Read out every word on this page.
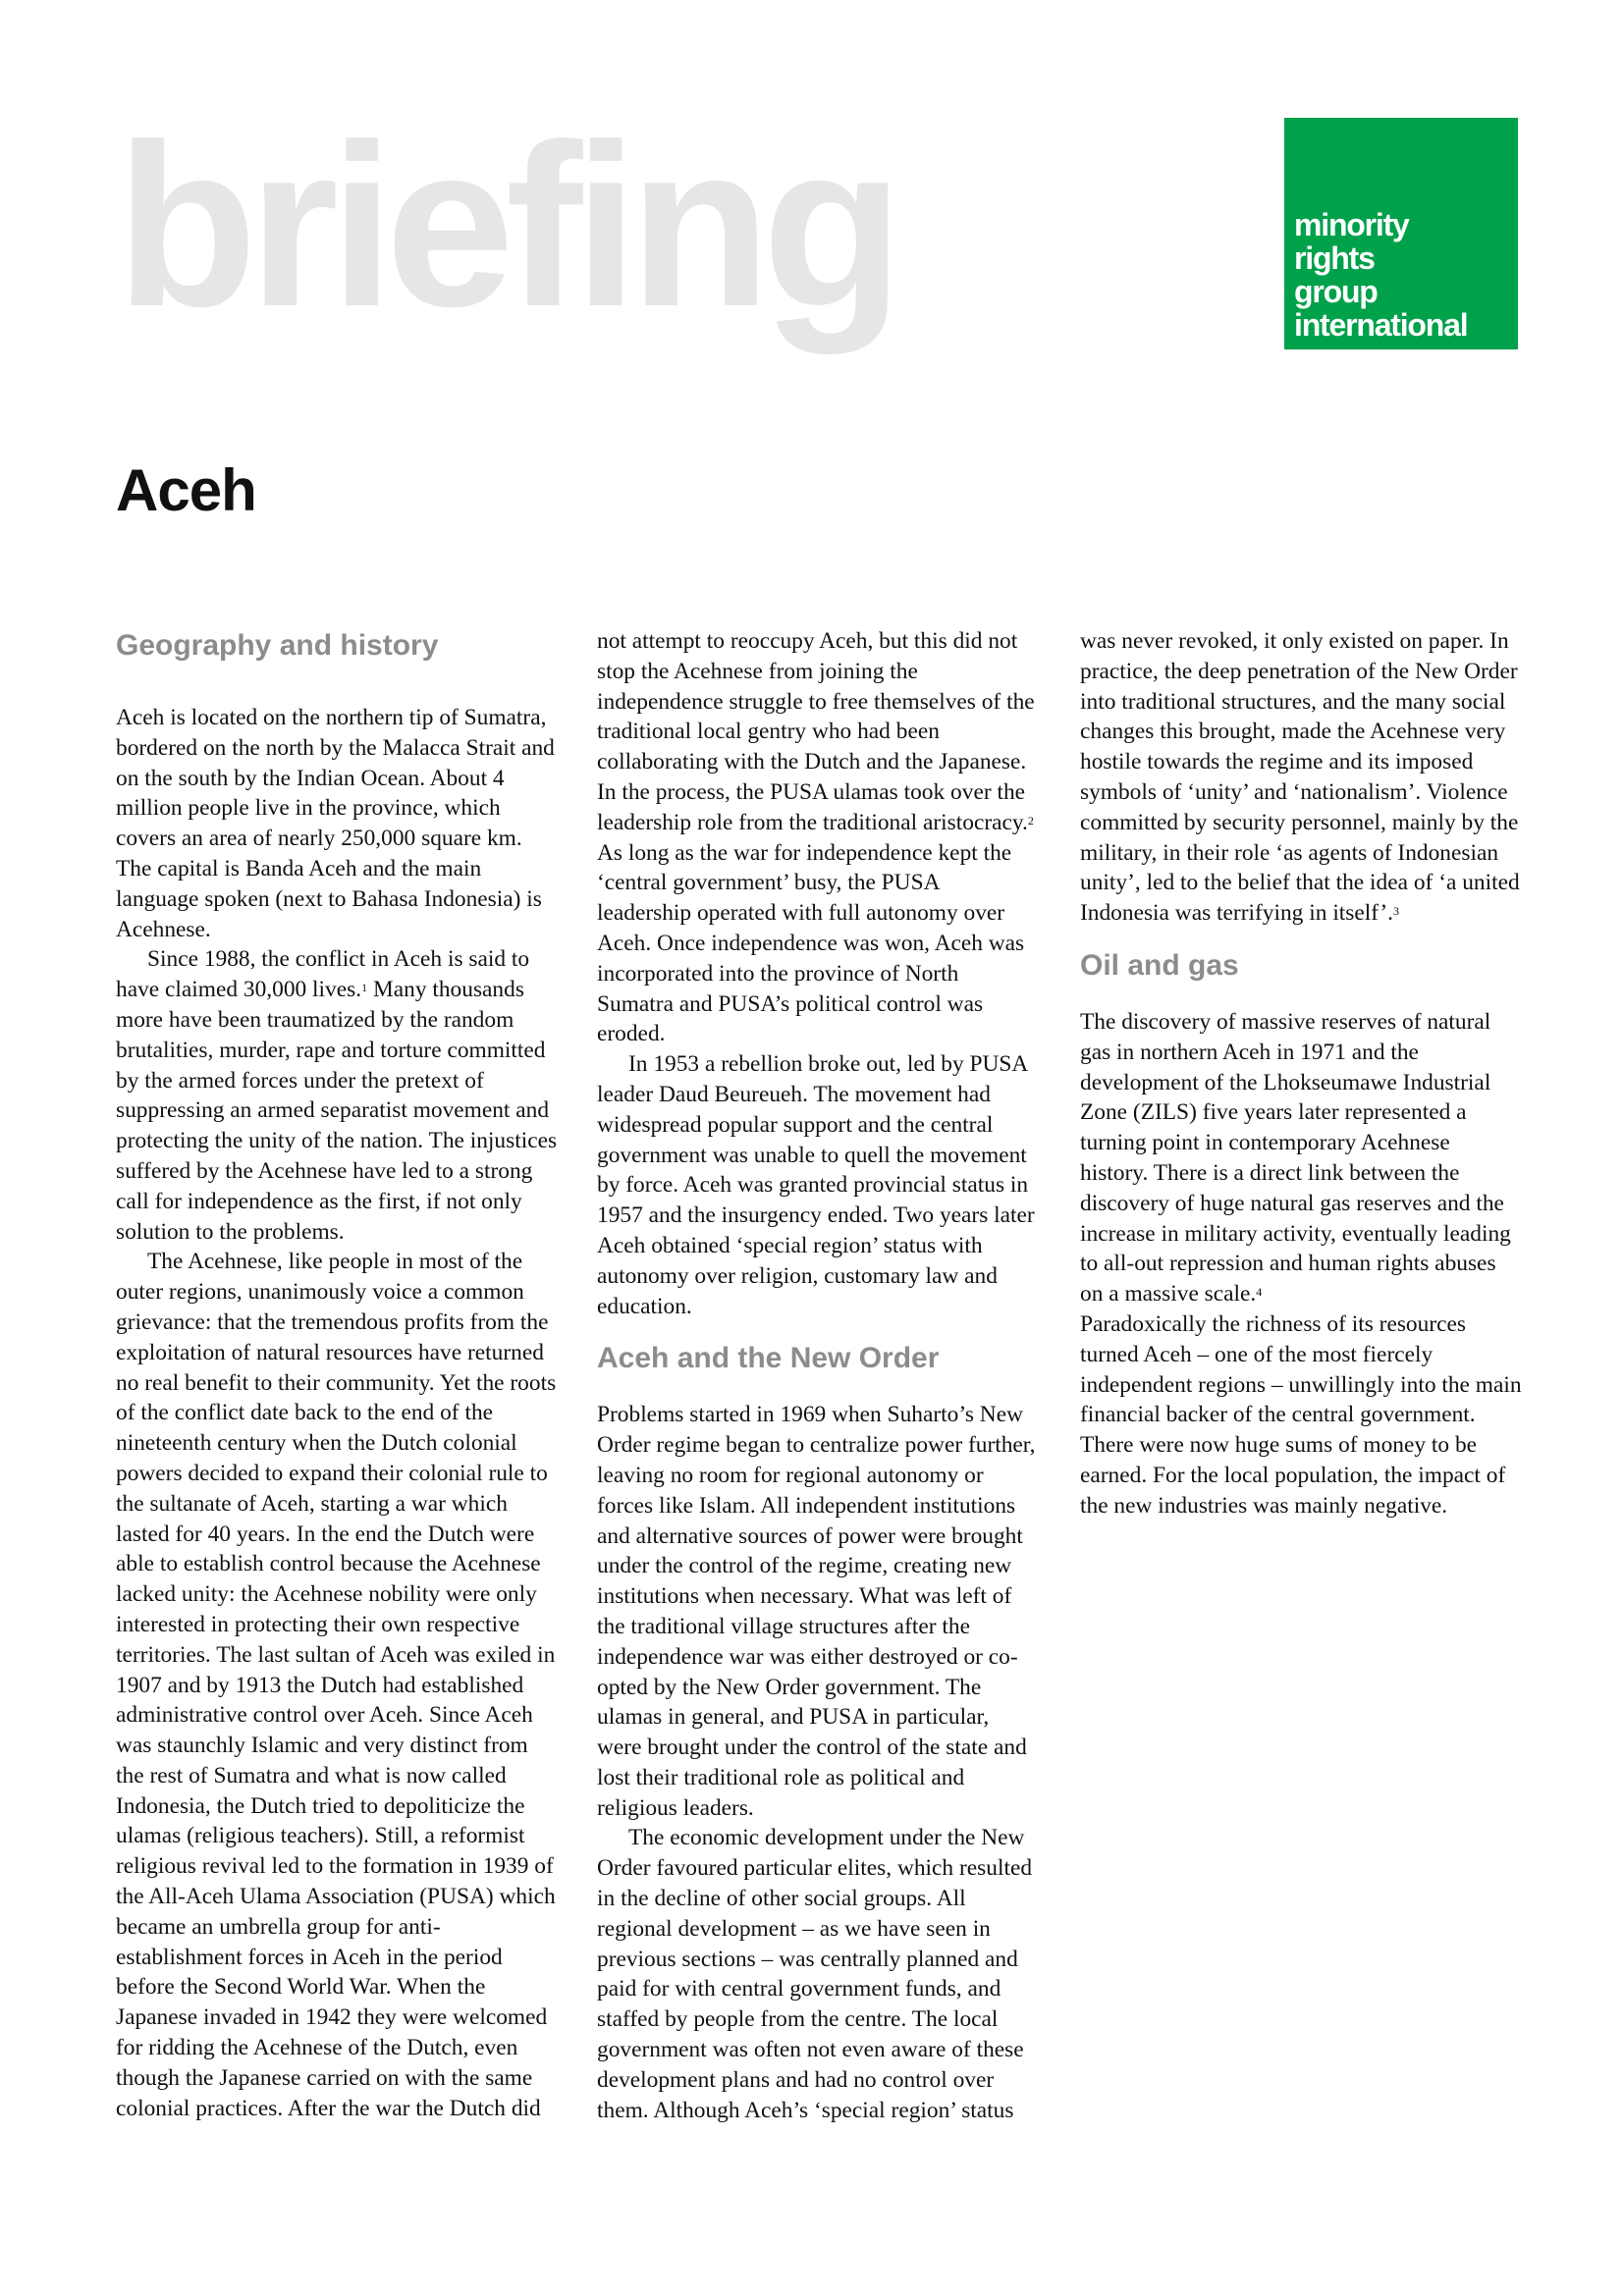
briefing	minority
rights
group
international
Aceh
Geography and history

Aceh is located on the northern tip of Sumatra, bordered on the north by the Malacca Strait and on the south by the Indian Ocean. About 4 million people live in the province, which covers an area of nearly 250,000 square km. The capital is Banda Aceh and the main language spoken (next to Bahasa Indonesia) is Acehnese.

Since 1988, the conflict in Aceh is said to have claimed 30,000 lives.$^1$ Many thousands more have been traumatized by the random brutalities, murder, rape and torture committed by the armed forces under the pretext of suppressing an armed separatist movement and protecting the unity of the nation. The injustices suffered by the Acehnese have led to a strong call for independence as the first, if not only solution to the problems.

The Acehnese, like people in most of the outer regions, unanimously voice a common grievance: that the tremendous profits from the exploitation of natural resources have returned no real benefit to their community. Yet the roots of the conflict date back to the end of the nineteenth century when the Dutch colonial powers decided to expand their colonial rule to the sultanate of Aceh, starting a war which lasted for 40 years. In the end the Dutch were able to establish control because the Acehnese lacked unity: the Acehnese nobility were only interested in protecting their own respective territories. The last sultan of Aceh was exiled in 1907 and by 1913 the Dutch had established administrative control over Aceh. Since Aceh was staunchly Islamic and very distinct from the rest of Sumatra and what is now called Indonesia, the Dutch tried to depoliticize the ulamas (religious teachers). Still, a reformist religious revival led to the formation in 1939 of the All-Aceh Ulama Association (PUSA) which became an umbrella group for anti-establishment forces in Aceh in the period before the Second World War. When the Japanese invaded in 1942 they were welcomed for ridding the Acehnese of the Dutch, even though the Japanese carried on with the same colonial practices. After the war the Dutch did

not attempt to reoccupy Aceh, but this did not stop the Acehnese from joining the independence struggle to free themselves of the traditional local gentry who had been collaborating with the Dutch and the Japanese. In the process, the PUSA ulamas took over the leadership role from the traditional aristocracy.$^2$

As long as the war for independence kept the ‘central government’ busy, the PUSA leadership operated with full autonomy over Aceh. Once independence was won, Aceh was incorporated into the province of North Sumatra and PUSA’s political control was eroded.

In 1953 a rebellion broke out, led by PUSA leader Daud Beureueh. The movement had widespread popular support and the central government was unable to quell the movement by force. Aceh was granted provincial status in 1957 and the insurgency ended. Two years later Aceh obtained ‘special region’ status with autonomy over religion, customary law and education.

Aceh and the New Order

Problems started in 1969 when Suharto’s New Order regime began to centralize power further, leaving no room for regional autonomy or forces like Islam. All independent institutions and alternative sources of power were brought under the control of the regime, creating new institutions when necessary. What was left of the traditional village structures after the independence war was either destroyed or co-opted by the New Order government. The ulamas in general, and PUSA in particular, were brought under the control of the state and lost their traditional role as political and religious leaders.

The economic development under the New Order favoured particular elites, which resulted in the decline of other social groups. All regional development – as we have seen in previous sections – was centrally planned and paid for with central government funds, and staffed by people from the centre. The local government was often not even aware of these development plans and had no control over them. Although Aceh’s ‘special region’ status

was never revoked, it only existed on paper. In practice, the deep penetration of the New Order into traditional structures, and the many social changes this brought, made the Acehnese very hostile towards the regime and its imposed symbols of ‘unity’ and ‘nationalism’. Violence committed by security personnel, mainly by the military, in their role ‘as agents of Indonesian unity’, led to the belief that the idea of ‘a united Indonesia was terrifying in itself’.$^3$

Oil and gas

The discovery of massive reserves of natural gas in northern Aceh in 1971 and the development of the Lhokseumawe Industrial Zone (ZILS) five years later represented a turning point in contemporary Acehnese history. There is a direct link between the discovery of huge natural gas reserves and the increase in military activity, eventually leading to all-out repression and human rights abuses on a massive scale.$^4$

Paradoxically the richness of its resources turned Aceh – one of the most fiercely independent regions – unwillingly into the main financial backer of the central government. There were now huge sums of money to be earned. For the local population, the impact of the new industries was mainly negative.
